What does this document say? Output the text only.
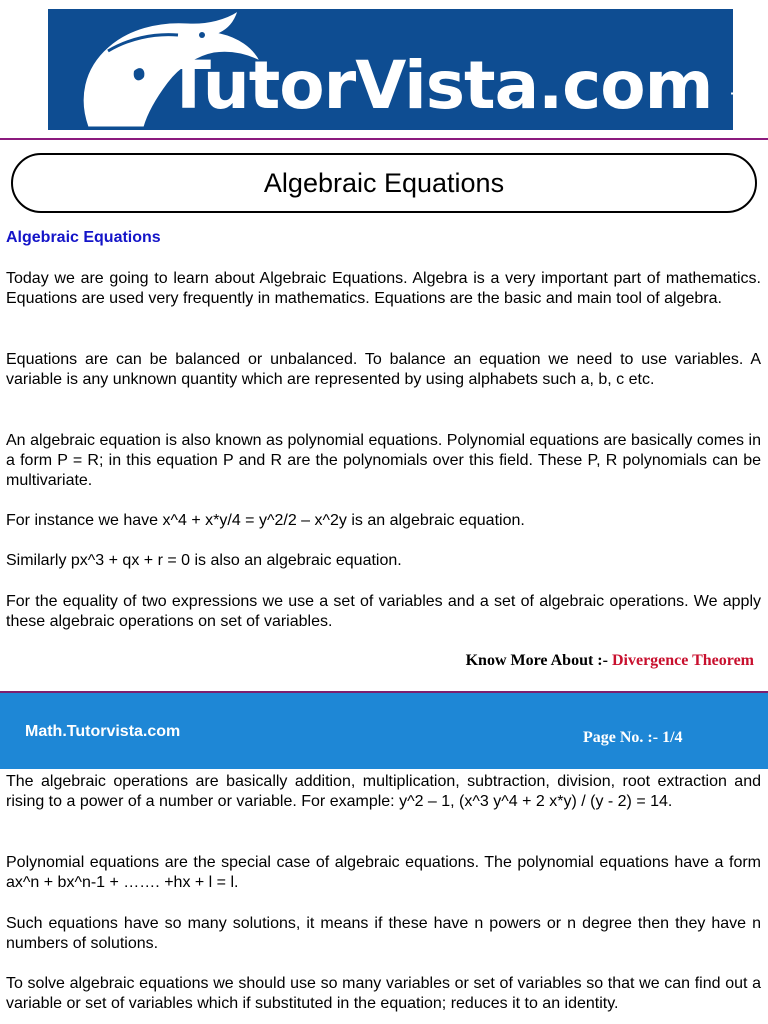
TutorVista.com TM
Algebraic Equations
Algebraic Equations

Today we are going to learn about Algebraic Equations. Algebra is a very important part of mathematics. Equations are used very frequently in mathematics. Equations are the basic and main tool of algebra.

Equations are can be balanced or unbalanced. To balance an equation we need to use variables. A variable is any unknown quantity which are represented by using alphabets such a, b, c etc.

An algebraic equation is also known as polynomial equations. Polynomial equations are basically comes in a form P = R; in this equation P and R are the polynomials over this field. These P, R polynomials can be multivariate.

For instance we have x^4 + x*y/4 = y^2/2 – x^2y is an algebraic equation.

Similarly px^3 + qx + r = 0 is also an algebraic equation.

For the equality of two expressions we use a set of variables and a set of algebraic operations. We apply these algebraic operations on set of variables.

Know More About :- Divergence Theorem
Math.Tutorvista.com	Page No. :- 1/4

The algebraic operations are basically addition, multiplication, subtraction, division, root extraction and rising to a power of a number or variable. For example: y^2 – 1, (x^3 y^4 + 2 x*y) / (y - 2) = 14.

Polynomial equations are the special case of algebraic equations. The polynomial equations have a form ax^n + bx^n-1 + ……. +hx + l = l.

Such equations have so many solutions, it means if these have n powers or n degree then they have n numbers of solutions.

To solve algebraic equations we should use so many variables or set of variables so that we can find out a variable or set of variables which if substituted in the equation; reduces it to an identity.
